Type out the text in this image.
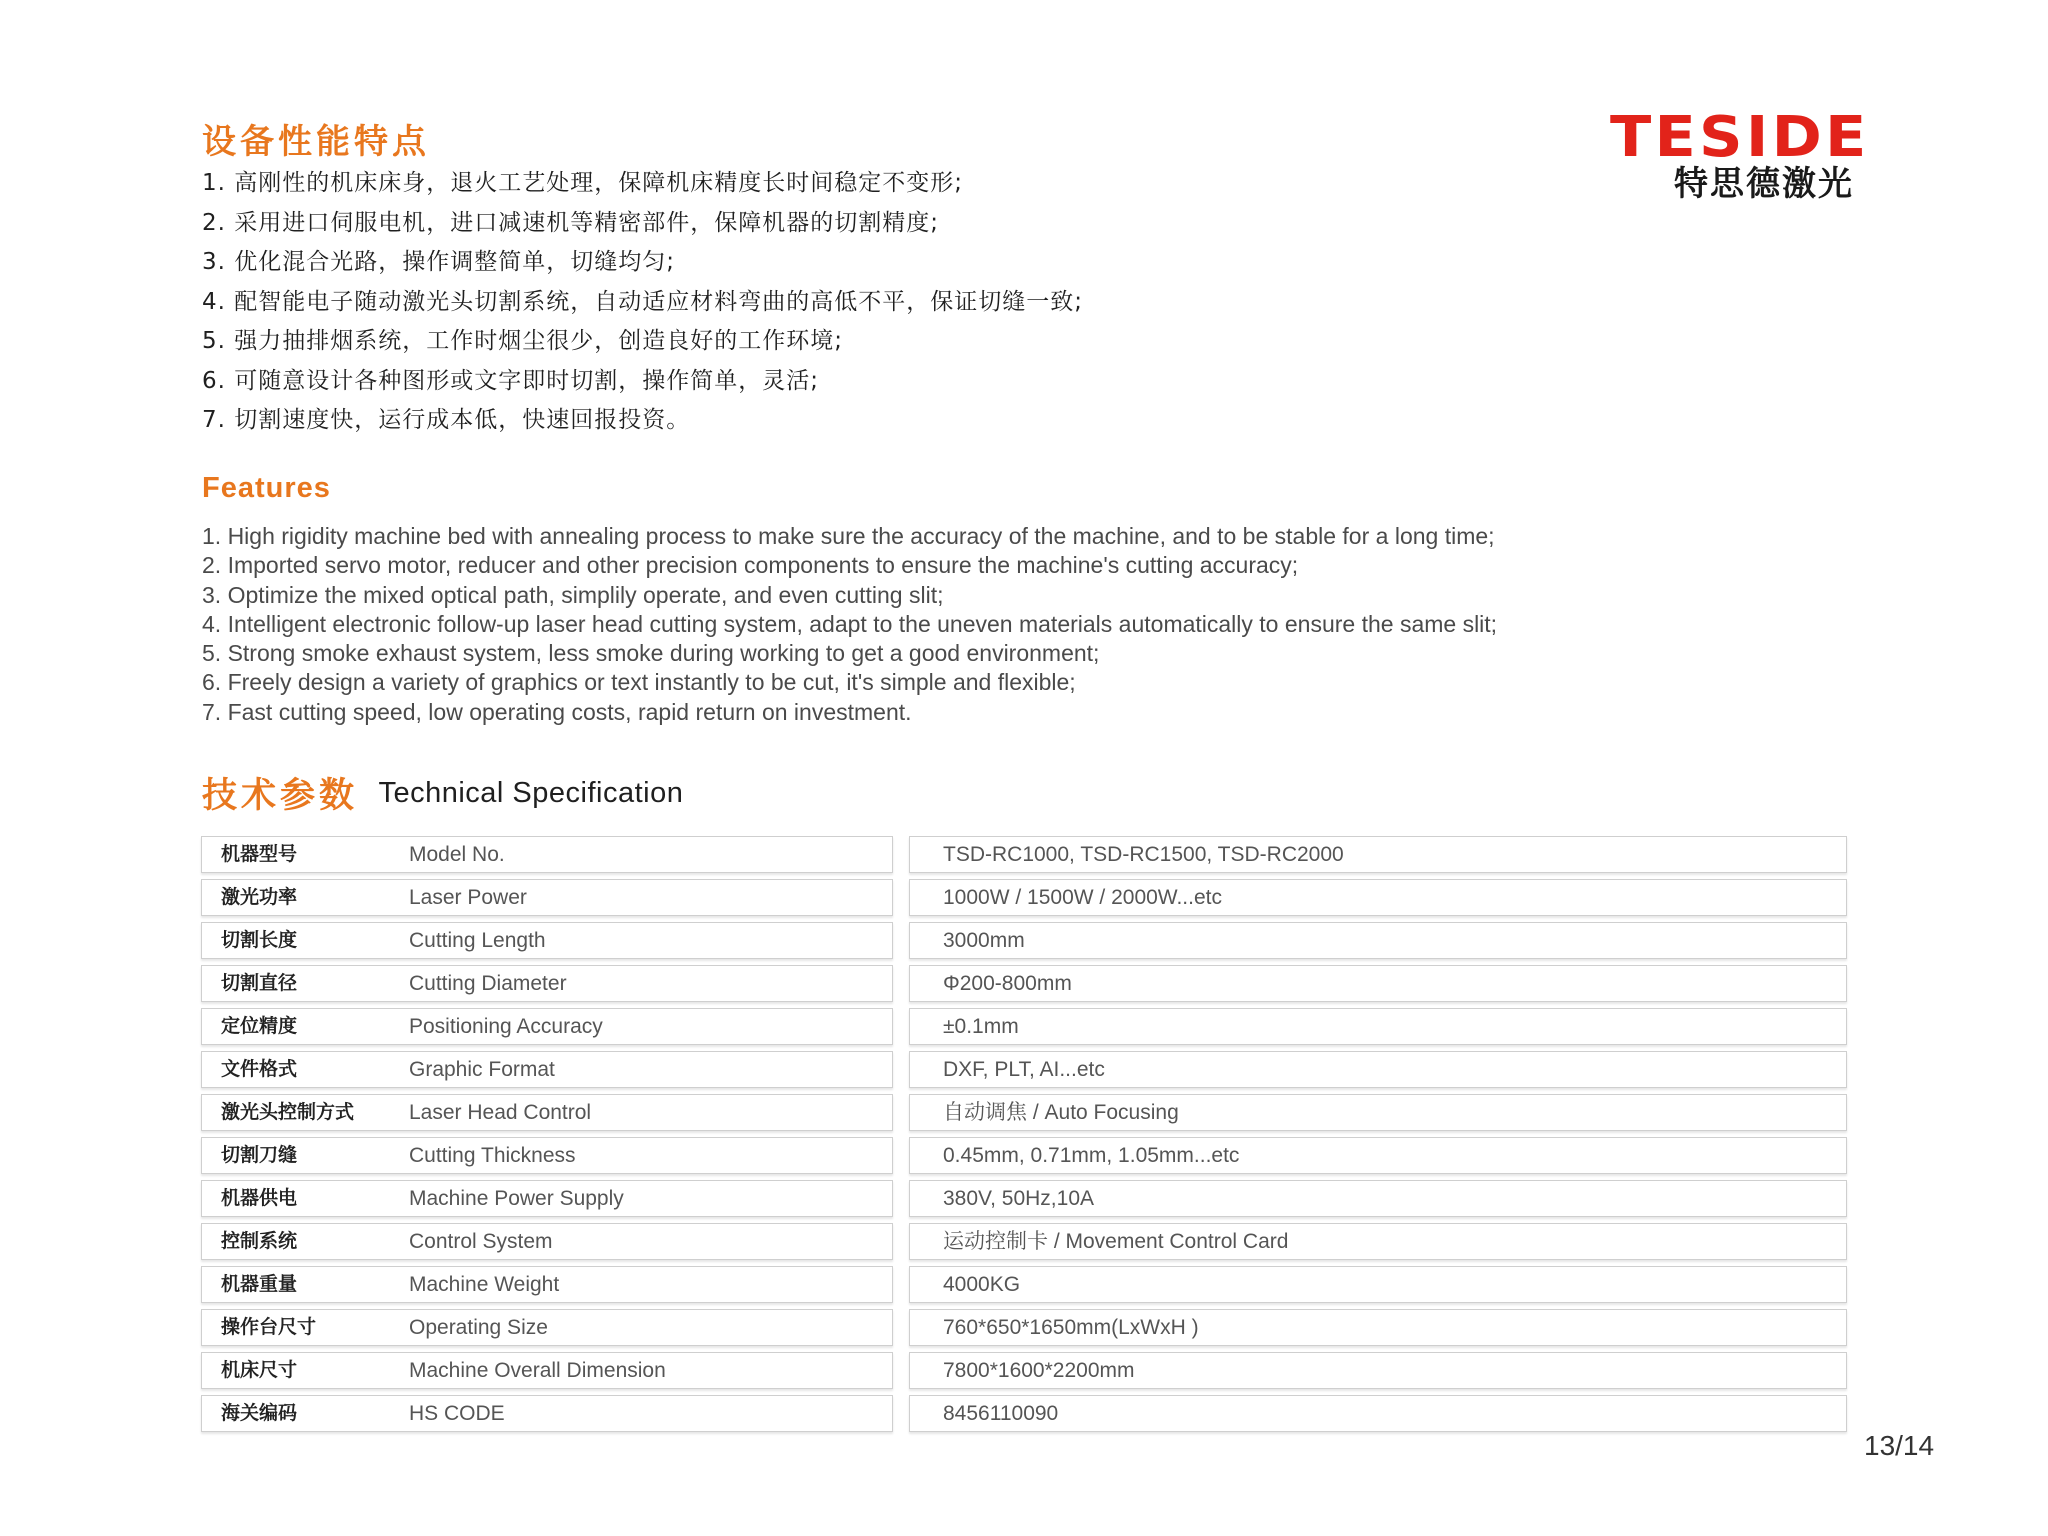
TESIDE
特思德激光
设备性能特点
1. 高刚性的机床床身，退火工艺处理，保障机床精度长时间稳定不变形;
2. 采用进口伺服电机，进口减速机等精密部件，保障机器的切割精度;
3. 优化混合光路，操作调整简单，切缝均匀;
4. 配智能电子随动激光头切割系统，自动适应材料弯曲的高低不平，保证切缝一致;
5. 强力抽排烟系统，工作时烟尘很少，创造良好的工作环境;
6. 可随意设计各种图形或文字即时切割，操作简单，灵活;
7. 切割速度快，运行成本低，快速回报投资。
Features
1. High rigidity machine bed with annealing process to make sure the accuracy of the machine, and to be stable for a long time;
2. Imported servo motor, reducer and other precision components to ensure the machine's cutting accuracy;
3. Optimize the mixed optical path, simplily operate, and even cutting slit;
4. Intelligent electronic follow-up laser head cutting system, adapt to the uneven materials automatically to ensure the same slit;
5. Strong smoke exhaust system, less smoke during working to get a good environment;
6. Freely design a variety of graphics or text instantly to be cut, it's simple and flexible;
7. Fast cutting speed, low operating costs, rapid return on investment.
技术参数 Technical Specification
机器型号	Model No.	TSD-RC1000, TSD-RC1500, TSD-RC2000
激光功率	Laser Power	1000W / 1500W / 2000W...etc
切割长度	Cutting Length	3000mm
切割直径	Cutting Diameter	Φ200-800mm
定位精度	Positioning Accuracy	±0.1mm
文件格式	Graphic Format	DXF, PLT, AI...etc
激光头控制方式	Laser Head Control	自动调焦 / Auto Focusing
切割刀缝	Cutting Thickness	0.45mm, 0.71mm, 1.05mm...etc
机器供电	Machine Power Supply	380V, 50Hz,10A
控制系统	Control System	运动控制卡 / Movement Control Card
机器重量	Machine Weight	4000KG
操作台尺寸	Operating Size	760*650*1650mm(LxWxH )
机床尺寸	Machine Overall Dimension	7800*1600*2200mm
海关编码	HS CODE	8456110090
13/14
